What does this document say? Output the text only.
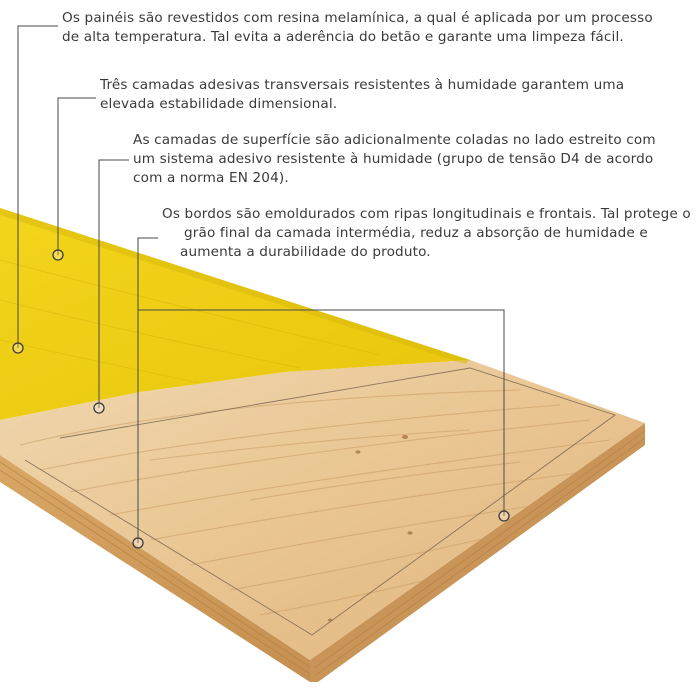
Os painéis são revestidos com resina melamínica, a qual é aplicada por um processo
de alta temperatura. Tal evita a aderência do betão e garante uma limpeza fácil.

Três camadas adesivas transversais resistentes à humidade garantem uma
elevada estabilidade dimensional.

As camadas de superfície são adicionalmente coladas no lado estreito com
um sistema adesivo resistente à humidade (grupo de tensão D4 de acordo
com a norma EN 204).

Os bordos são emoldurados com ripas longitudinais e frontais. Tal protege o
grão final da camada intermédia, reduz a absorção de humidade e
aumenta a durabilidade do produto.
